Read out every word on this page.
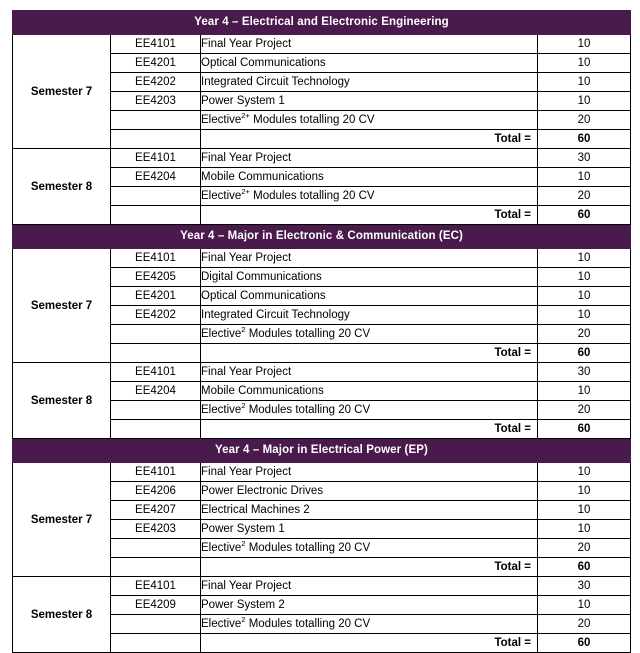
Year 4 – Electrical and Electronic Engineering			
Semester 7	EE4101	Final Year Project	10
	EE4201	Optical Communications	10
	EE4202	Integrated Circuit Technology	10
	EE4203	Power System 1	10
		Elective$^{2+}$ Modules totalling 20 CV	20
		Total =	60
Semester 8	EE4101	Final Year Project	30
	EE4204	Mobile Communications	10
		Elective$^{2+}$ Modules totalling 20 CV	20
		Total =	60
Year 4 – Major in Electronic & Communication (EC)			
Semester 7	EE4101	Final Year Project	10
	EE4205	Digital Communications	10
	EE4201	Optical Communications	10
	EE4202	Integrated Circuit Technology	10
		Elective$^2$ Modules totalling 20 CV	20
		Total =	60
Semester 8	EE4101	Final Year Project	30
	EE4204	Mobile Communications	10
		Elective$^2$ Modules totalling 20 CV	20
		Total =	60
Year 4 – Major in Electrical Power (EP)			
Semester 7	EE4101	Final Year Project	10
	EE4206	Power Electronic Drives	10
	EE4207	Electrical Machines 2	10
	EE4203	Power System 1	10
		Elective$^2$ Modules totalling 20 CV	20
		Total =	60
Semester 8	EE4101	Final Year Project	30
	EE4209	Power System 2	10
		Elective$^2$ Modules totalling 20 CV	20
		Total =	60
